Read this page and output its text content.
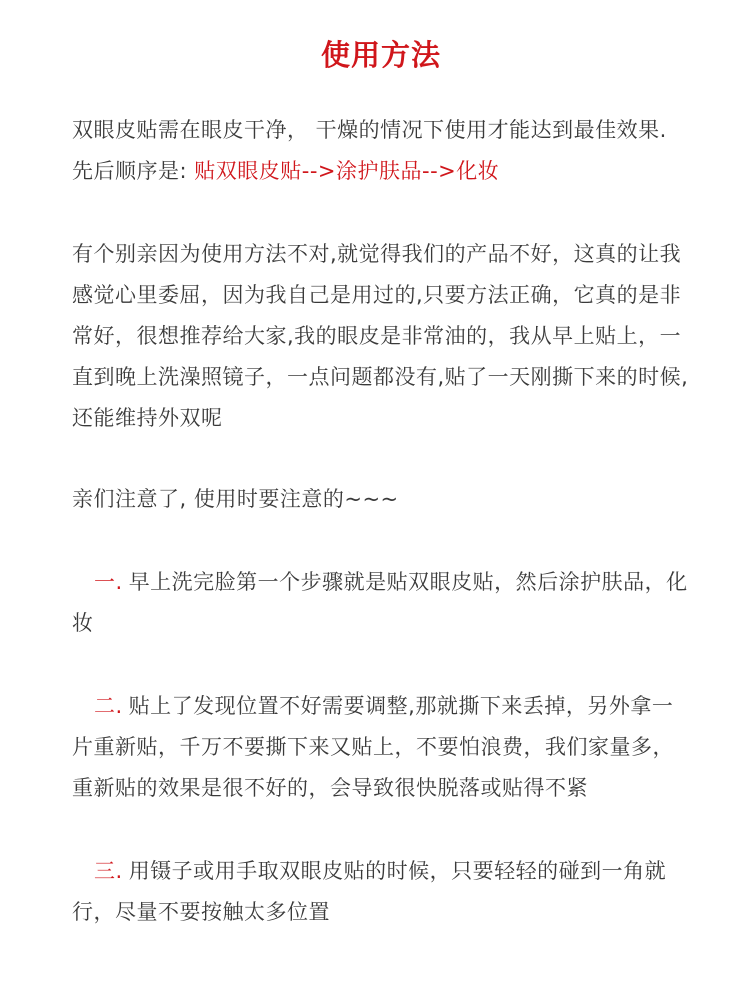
使用方法

双眼皮贴需在眼皮干净， 干燥的情况下使用才能达到最佳效果.

先后顺序是: 贴双眼皮贴-->涂护肤品-->化妆

有个别亲因为使用方法不对,就觉得我们的产品不好，这真的让我感觉心里委屈，因为我自己是用过的,只要方法正确，它真的是非常好，很想推荐给大家,我的眼皮是非常油的，我从早上贴上，一直到晚上洗澡照镜子，一点问题都没有,贴了一天刚撕下来的时候,还能维持外双呢

亲们注意了, 使用时要注意的~~~

一. 早上洗完脸第一个步骤就是贴双眼皮贴，然后涂护肤品，化妆

二. 贴上了发现位置不好需要调整,那就撕下来丢掉，另外拿一片重新贴，千万不要撕下来又贴上，不要怕浪费，我们家量多，重新贴的效果是很不好的，会导致很快脱落或贴得不紧

三. 用镊子或用手取双眼皮贴的时候，只要轻轻的碰到一角就行，尽量不要按触太多位置
